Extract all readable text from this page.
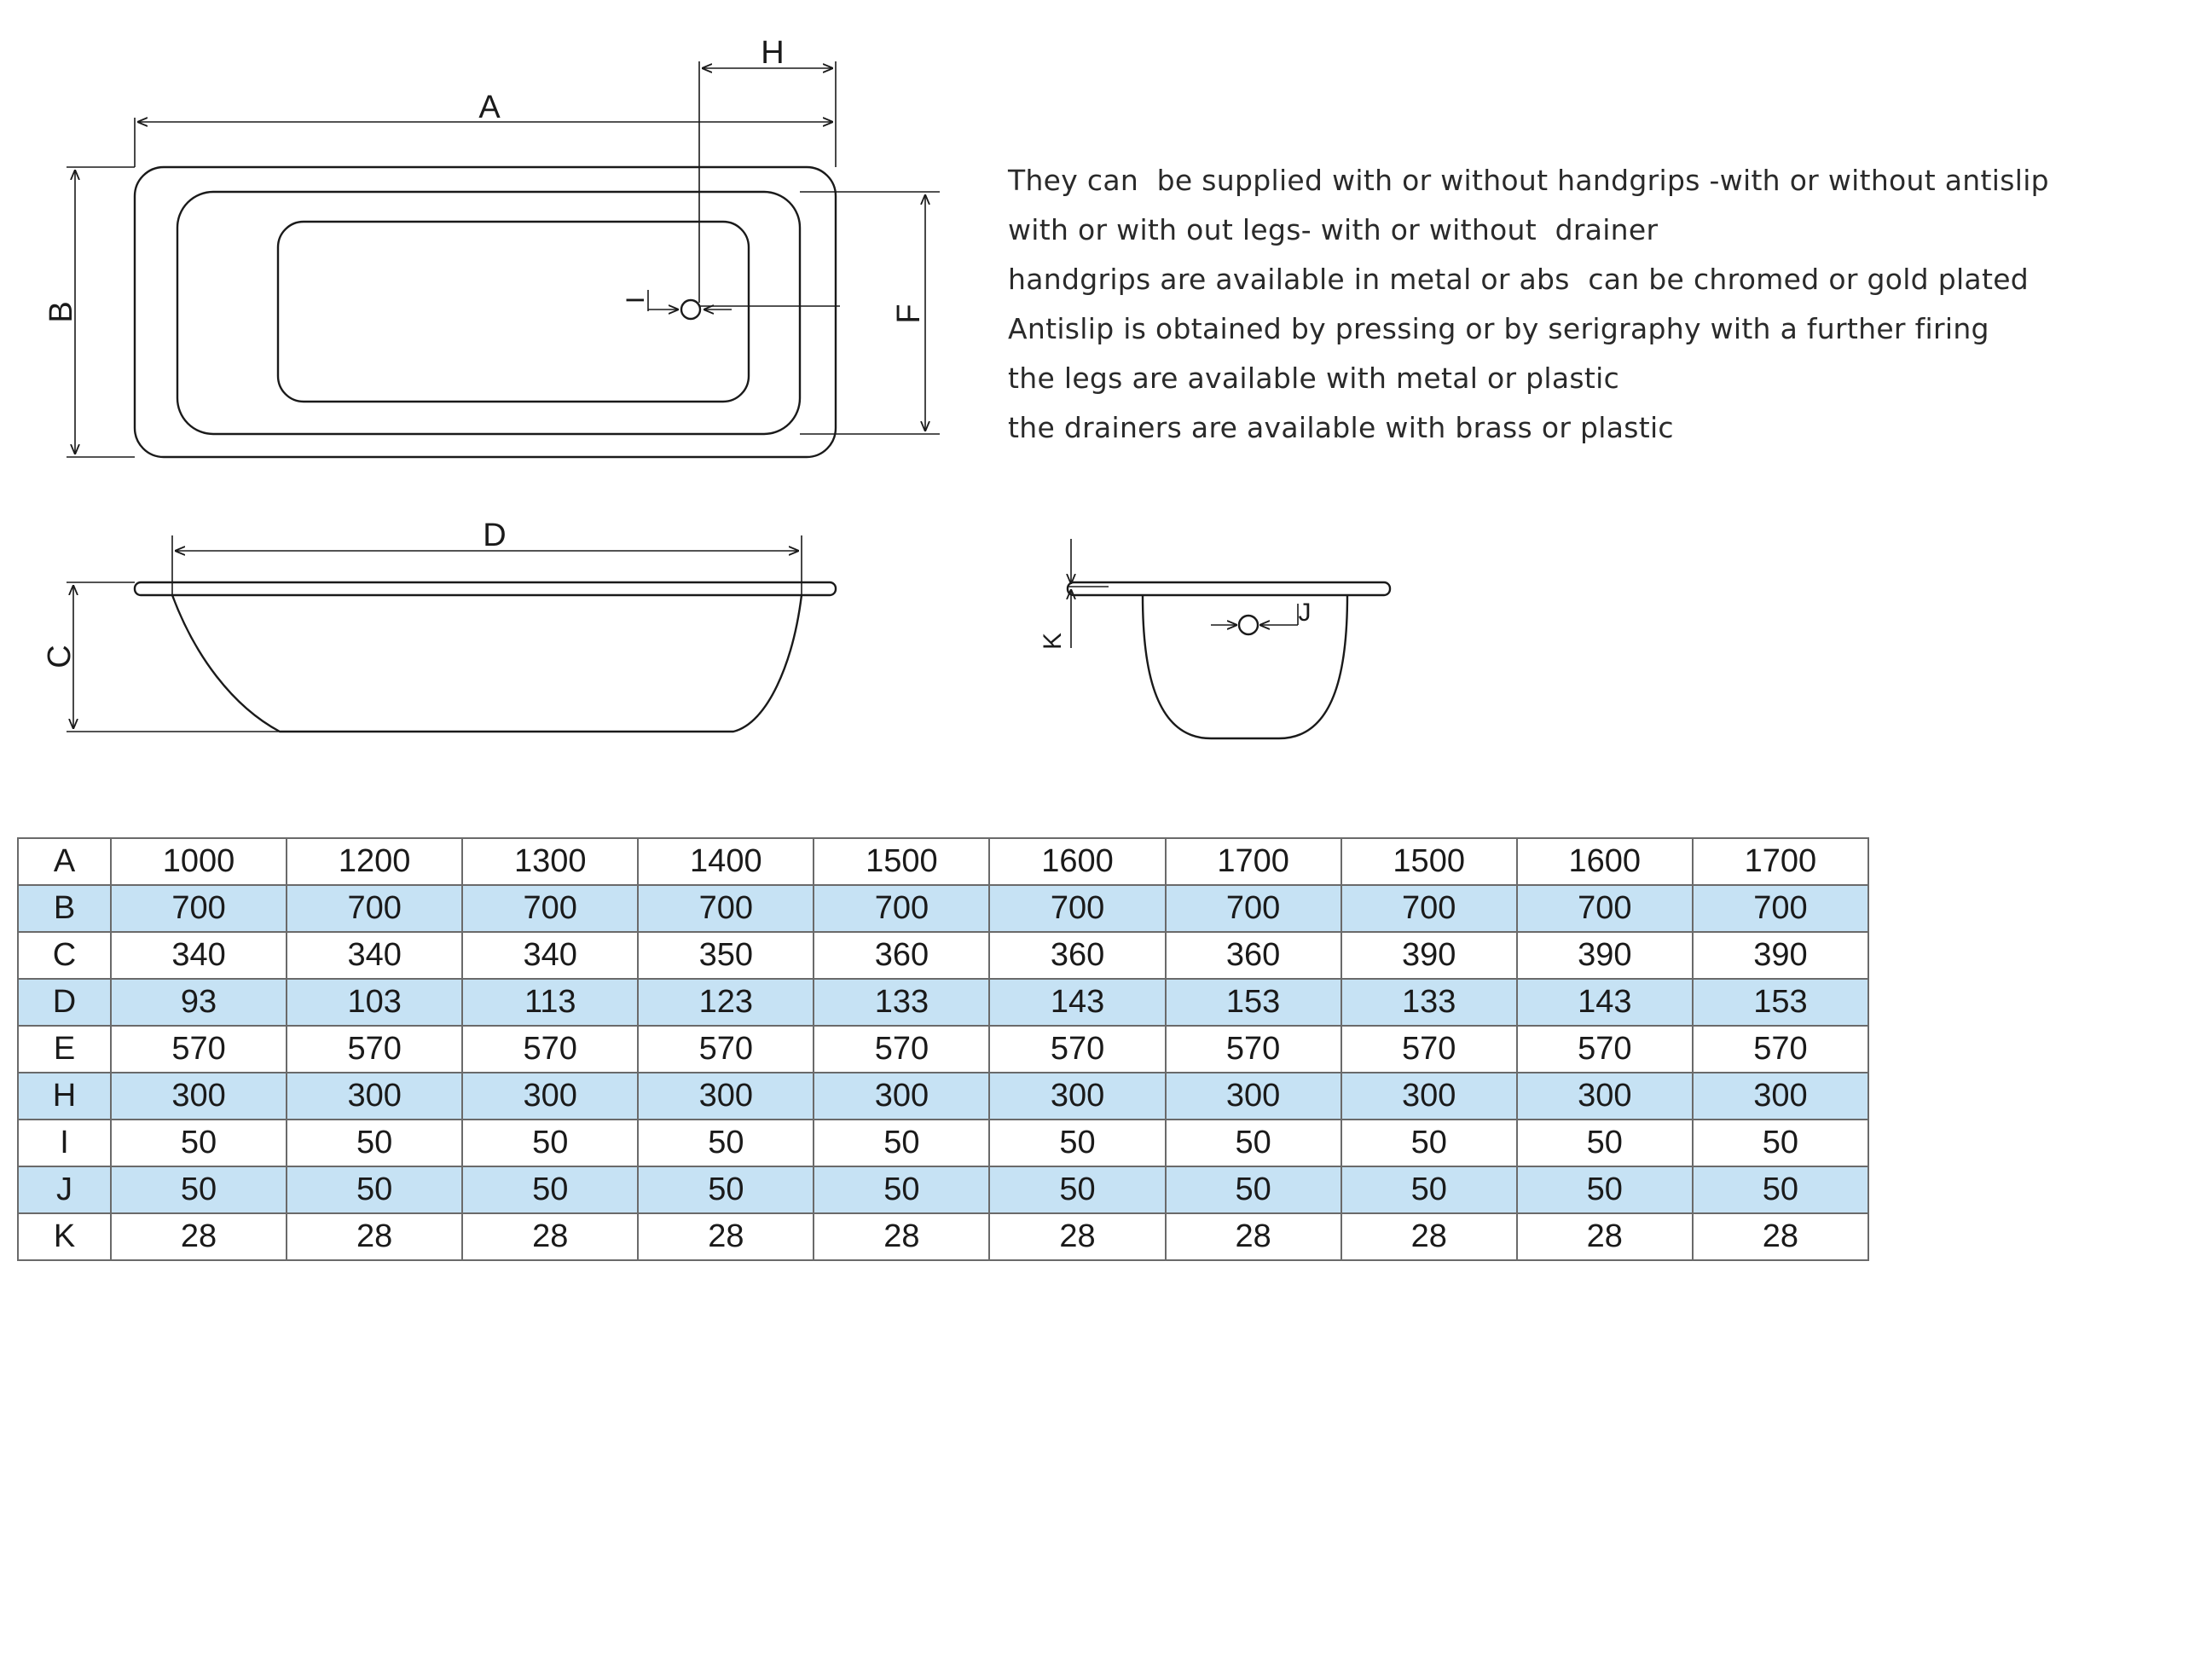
A
H
B	F
I
D
C
J
K
They can  be supplied with or without handgrips -with or without antislip
with or with out legs- with or without  drainer
handgrips are available in metal or abs  can be chromed or gold plated
Antislip is obtained by pressing or by serigraphy with a further firing
the legs are available with metal or plastic
the drainers are available with brass or plastic
A	1000	1200	1300	1400	1500	1600	1700	1500	1600	1700
B	700	700	700	700	700	700	700	700	700	700
C	340	340	340	350	360	360	360	390	390	390
D	93	103	113	123	133	143	153	133	143	153
E	570	570	570	570	570	570	570	570	570	570
H	300	300	300	300	300	300	300	300	300	300
I	50	50	50	50	50	50	50	50	50	50
J	50	50	50	50	50	50	50	50	50	50
K	28	28	28	28	28	28	28	28	28	28
